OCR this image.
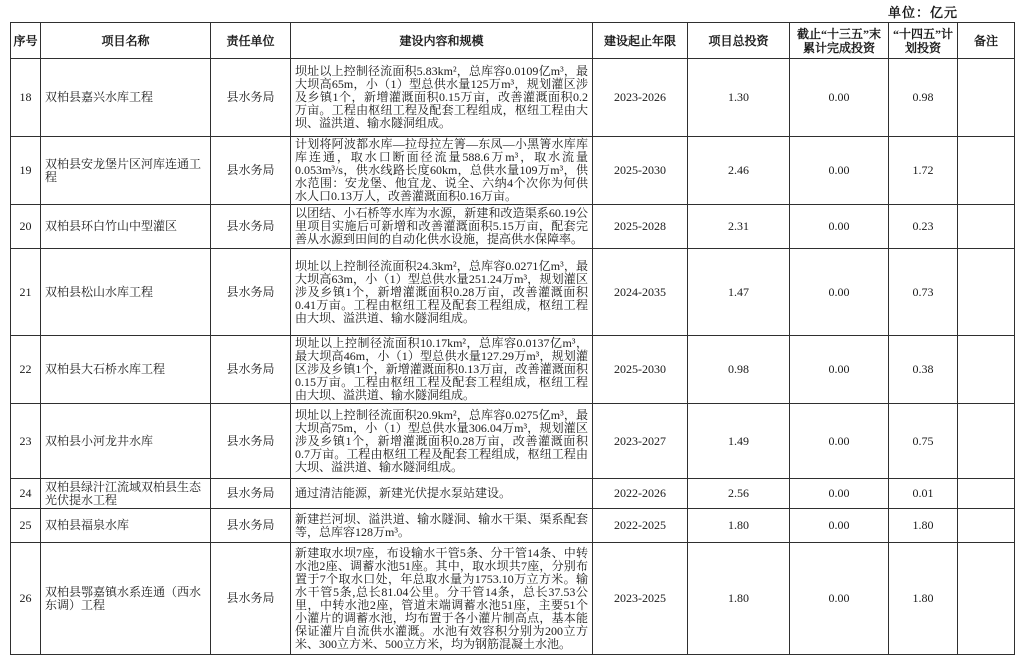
单位：亿元
序号	项目名称	责任单位	建设内容和规模	建设起止年限	项目总投资	截止“十三五”末累计完成投资	“十四五”计划投资	备注
18	双柏县嘉兴水库工程	县水务局	坝址以上控制径流面积5.83km²，总库容0.0109亿m³，最大坝高65m，小（1）型总供水量125万m³，规划灌区涉及乡镇1个，新增灌溉面积0.15万亩，改善灌溉面积0.2万亩。工程由枢纽工程及配套工程组成，枢纽工程由大坝、溢洪道、输水隧洞组成。	2023-2026	1.30	0.00	0.98	
19	双柏县安龙堡片区河库连通工程	县水务局	计划将阿波都水库—拉母拉左箐—东凤—小黑箐水库库库连通，取水口断面径流量588.6万m³，取水流量0.053m³/s，供水线路长度60km，总供水量109万m³，供水范围：安龙堡、他宜龙、说全、六纳4个次你为何供水人口0.13万人，改善灌溉面积0.16万亩。	2025-2030	2.46	0.00	1.72	
20	双柏县环白竹山中型灌区	县水务局	以团结、小石桥等水库为水源，新建和改造渠系60.19公里项目实施后可新增和改善灌溉面积5.15万亩，配套完善从水源到田间的自动化供水设施，提高供水保障率。	2025-2028	2.31	0.00	0.23	
21	双柏县松山水库工程	县水务局	坝址以上控制径流面积24.3km²，总库容0.0271亿m³，最大坝高63m，小（1）型总供水量251.24万m³，规划灌区涉及乡镇1个，新增灌溉面积0.28万亩，改善灌溉面积0.41万亩。工程由枢纽工程及配套工程组成，枢纽工程由大坝、溢洪道、输水隧洞组成。	2024-2035	1.47	0.00	0.73	
22	双柏县大石桥水库工程	县水务局	坝址以上控制径流面积10.17km²，总库容0.0137亿m³，最大坝高46m，小（1）型总供水量127.29万m³，规划灌区涉及乡镇1个，新增灌溉面积0.13万亩，改善灌溉面积0.15万亩。工程由枢纽工程及配套工程组成，枢纽工程由大坝、溢洪道、输水隧洞组成。	2025-2030	0.98	0.00	0.38	
23	双柏县小河龙井水库	县水务局	坝址以上控制径流面积20.9km²，总库容0.0275亿m³，最大坝高75m，小（1）型总供水量306.04万m³，规划灌区涉及乡镇1个，新增灌溉面积0.28万亩，改善灌溉面积0.7万亩。工程由枢纽工程及配套工程组成，枢纽工程由大坝、溢洪道、输水隧洞组成。	2023-2027	1.49	0.00	0.75	
24	双柏县绿汁江流域双柏县生态光伏提水工程	县水务局	通过清洁能源，新建光伏提水泵站建设。	2022-2026	2.56	0.00	0.01	
25	双柏县福泉水库	县水务局	新建拦河坝、溢洪道、输水隧洞、输水干渠、渠系配套等，总库容128万m³。	2022-2025	1.80	0.00	1.80	
26	双柏县鄂嘉镇水系连通（西水东调）工程	县水务局	新建取水坝7座，布设输水干管5条、分干管14条、中转水池2座、调蓄水池51座。其中，取水坝共7座，分别布置于7个取水口处，年总取水量为1753.10万立方米。输水干管5条,总长81.04公里。分干管14条，总长37.53公里，中转水池2座，管道末端调蓄水池51座，主要51个小灌片的调蓄水池，均布置于各小灌片制高点，基本能保证灌片自流供水灌溉。水池有效容积分别为200立方米、300立方米、500立方米，均为钢筋混凝土水池。	2023-2025	1.80	0.00	1.80	
